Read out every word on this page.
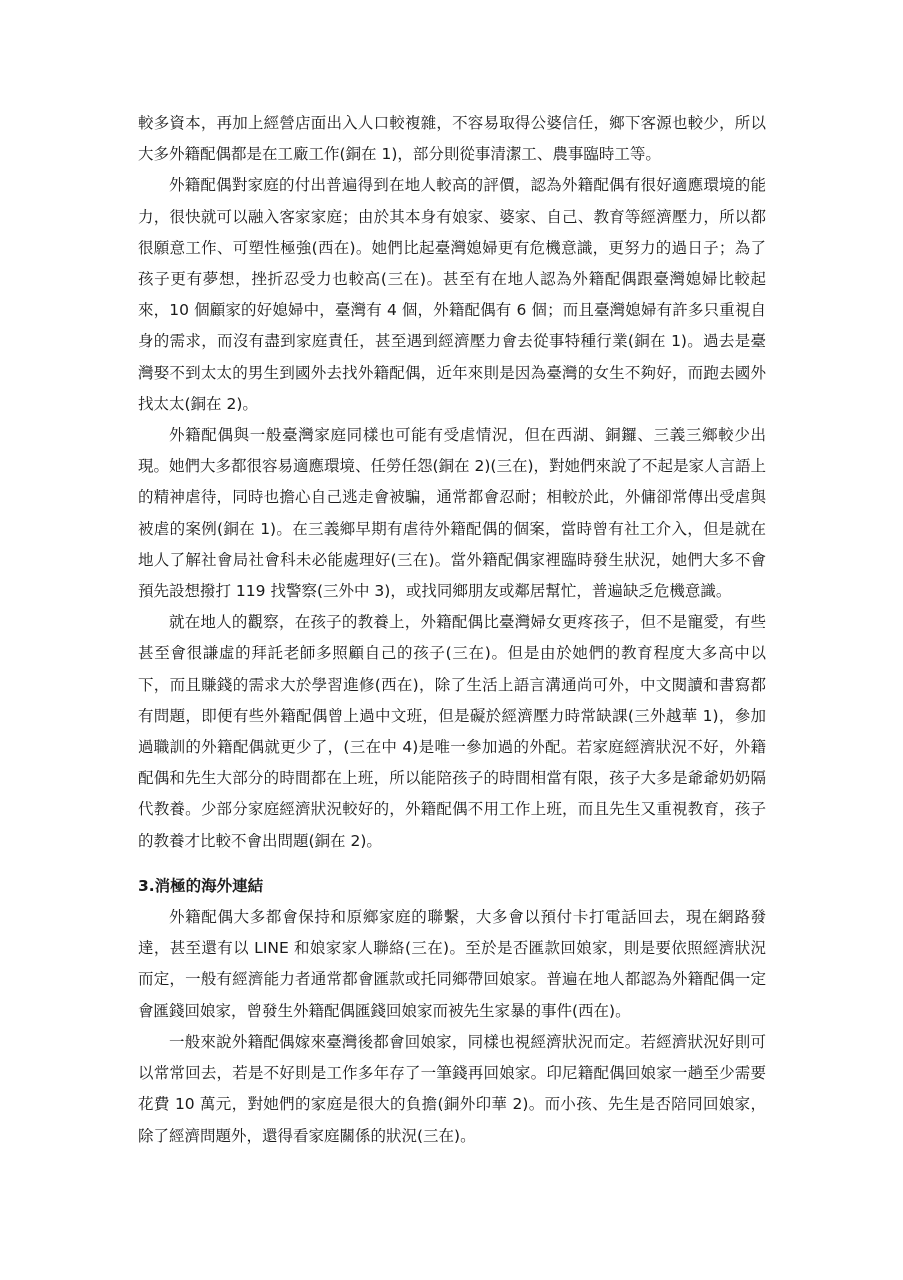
較多資本，再加上經營店面出入人口較複雜，不容易取得公婆信任，鄉下客源也較少，所以大多外籍配偶都是在工廠工作(銅在 1)，部分則從事清潔工、農事臨時工等。

外籍配偶對家庭的付出普遍得到在地人較高的評價，認為外籍配偶有很好適應環境的能力，很快就可以融入客家家庭；由於其本身有娘家、婆家、自己、教育等經濟壓力，所以都很願意工作、可塑性極強(西在)。她們比起臺灣媳婦更有危機意識，更努力的過日子；為了孩子更有夢想，挫折忍受力也較高(三在)。甚至有在地人認為外籍配偶跟臺灣媳婦比較起來，10 個顧家的好媳婦中，臺灣有 4 個，外籍配偶有 6 個；而且臺灣媳婦有許多只重視自身的需求，而沒有盡到家庭責任，甚至遇到經濟壓力會去從事特種行業(銅在 1)。過去是臺灣娶不到太太的男生到國外去找外籍配偶，近年來則是因為臺灣的女生不夠好，而跑去國外找太太(銅在 2)。

外籍配偶與一般臺灣家庭同樣也可能有受虐情況，但在西湖、銅鑼、三義三鄉較少出現。她們大多都很容易適應環境、任勞任怨(銅在 2)(三在)，對她們來說了不起是家人言語上的精神虐待，同時也擔心自己逃走會被騙，通常都會忍耐；相較於此，外傭卻常傳出受虐與被虐的案例(銅在 1)。在三義鄉早期有虐待外籍配偶的個案，當時曾有社工介入，但是就在地人了解社會局社會科未必能處理好(三在)。當外籍配偶家裡臨時發生狀況，她們大多不會預先設想撥打 119 找警察(三外中 3)，或找同鄉朋友或鄰居幫忙，普遍缺乏危機意識。

就在地人的觀察，在孩子的教養上，外籍配偶比臺灣婦女更疼孩子，但不是寵愛，有些甚至會很謙虛的拜託老師多照顧自己的孩子(三在)。但是由於她們的教育程度大多高中以下，而且賺錢的需求大於學習進修(西在)，除了生活上語言溝通尚可外，中文閱讀和書寫都有問題，即便有些外籍配偶曾上過中文班，但是礙於經濟壓力時常缺課(三外越華 1)，參加過職訓的外籍配偶就更少了，(三在中 4)是唯一參加過的外配。若家庭經濟狀況不好，外籍配偶和先生大部分的時間都在上班，所以能陪孩子的時間相當有限，孩子大多是爺爺奶奶隔代教養。少部分家庭經濟狀況較好的，外籍配偶不用工作上班，而且先生又重視教育，孩子的教養才比較不會出問題(銅在 2)。

3.消極的海外連結

外籍配偶大多都會保持和原鄉家庭的聯繫，大多會以預付卡打電話回去，現在網路發達，甚至還有以 LINE 和娘家家人聯絡(三在)。至於是否匯款回娘家，則是要依照經濟狀況而定，一般有經濟能力者通常都會匯款或托同鄉帶回娘家。普遍在地人都認為外籍配偶一定會匯錢回娘家，曾發生外籍配偶匯錢回娘家而被先生家暴的事件(西在)。

一般來說外籍配偶嫁來臺灣後都會回娘家，同樣也視經濟狀況而定。若經濟狀況好則可以常常回去，若是不好則是工作多年存了一筆錢再回娘家。印尼籍配偶回娘家一趟至少需要花費 10 萬元，對她們的家庭是很大的負擔(銅外印華 2)。而小孩、先生是否陪同回娘家，除了經濟問題外，還得看家庭關係的狀況(三在)。
